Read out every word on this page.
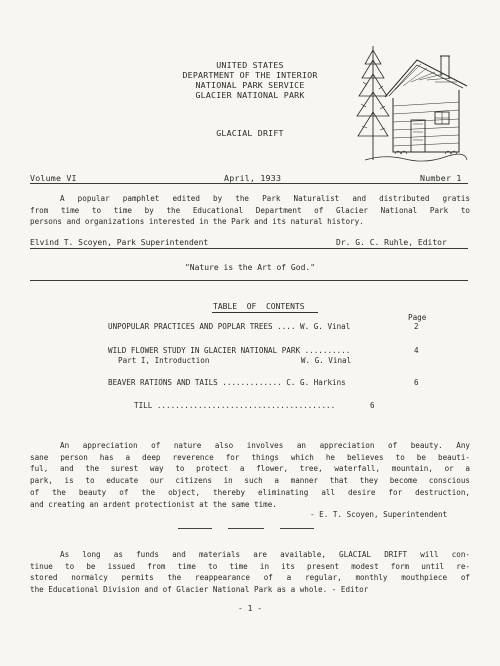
UNITED STATES

DEPARTMENT OF THE INTERIOR

NATIONAL PARK SERVICE

GLACIER NATIONAL PARK

GLACIAL DRIFT
Volume VI	April, 1933	Number 1
A popular pamphlet edited by the Park Naturalist and distributed gratis
from time to time by the Educational Department of Glacier National Park to
persons and organizations interested in the Park and its natural history.
Elvind T. Scoyen, Park Superintendent	Dr. G. C. Ruhle, Editor
"Nature is the Art of God."
TABLE  OF  CONTENTS
Page
UNPOPULAR PRACTICES AND POPLAR TREES .... W. G. Vinal	2
WILD FLOWER STUDY IN GLACIER NATIONAL PARK ..........	4
Part I, Introduction                    W. G. Vinal
BEAVER RATIONS AND TAILS ............. C. G. Harkins	6
TILL .......................................	6
An appreciation of nature also involves an appreciation of beauty. Any
sane person has a deep reverence for things which he believes to be beauti-
ful, and the surest way to protect a flower, tree, waterfall, mountain, or a
park, is to educate our citizens in such a manner that they become conscious
of the beauty of the object, thereby eliminating all desire for destruction,
and creating an ardent protectionist at the same time.
- E. T. Scoyen, Superintendent
As long as funds and materials are available, GLACIAL DRIFT will con-
tinue to be issued from time to time in its present modest form until re-
stored normalcy permits the reappearance of a regular, monthly mouthpiece of
the Educational Division and of Glacier National Park as a whole. - Editor
- 1 -
